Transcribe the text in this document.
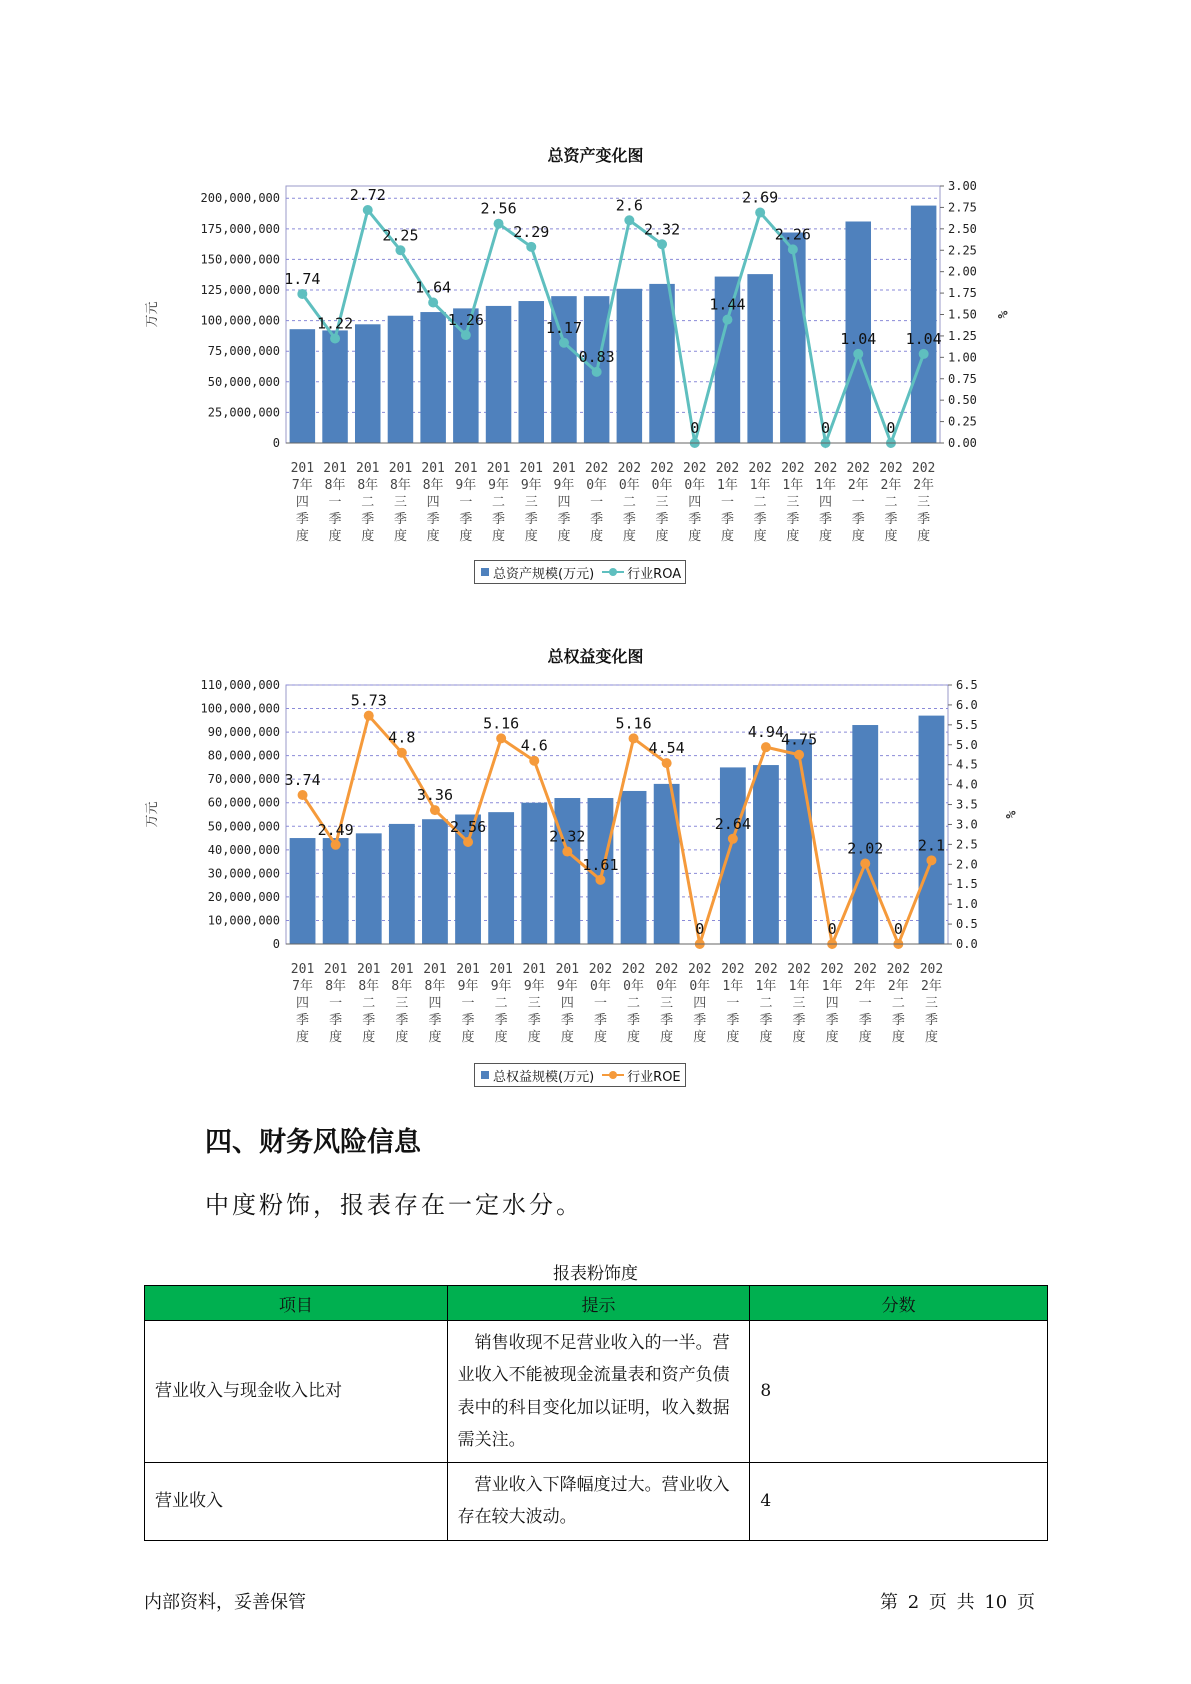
总资产变化图
200,000,000
175,000,000
150,000,000
125,000,000
100,000,000
75,000,000
50,000,000
25,000,000
0
3.00
2.75
2.50
2.25
2.00
1.75
1.50
1.25
1.00
0.75
0.50
0.25
0.00
万元	%
1.74
1.22
2.72
2.25
1.64
1.26
2.56
2.29
1.17
0.83
2.6
2.32
0
1.44
2.69
2.26
0
1.04
0
1.04
201
7年
四
季
度
201
8年
一
季
度
201
8年
二
季
度
201
8年
三
季
度
201
8年
四
季
度
201
9年
一
季
度
201
9年
二
季
度
201
9年
三
季
度
201
9年
四
季
度
202
0年
一
季
度
202
0年
二
季
度
202
0年
三
季
度
202
0年
四
季
度
202
1年
一
季
度
202
1年
二
季
度
202
1年
三
季
度
202
1年
四
季
度
202
2年
一
季
度
202
2年
二
季
度
202
2年
三
季
度
总资产规模(万元)	行业ROA
总权益变化图
110,000,000
100,000,000
90,000,000
80,000,000
70,000,000
60,000,000
50,000,000
40,000,000
30,000,000
20,000,000
10,000,000
0
6.5
6.0
5.5
5.0
4.5
4.0
3.5
3.0
2.5
2.0
1.5
1.0
0.5
0.0
万元	%
3.74
2.49
5.73
4.8
3.36
2.56
5.16
4.6
2.32
1.61
5.16
4.54
0
2.64
4.94
4.75
0
2.02
0
2.1
201
7年
四
季
度
201
8年
一
季
度
201
8年
二
季
度
201
8年
三
季
度
201
8年
四
季
度
201
9年
一
季
度
201
9年
二
季
度
201
9年
三
季
度
201
9年
四
季
度
202
0年
一
季
度
202
0年
二
季
度
202
0年
三
季
度
202
0年
四
季
度
202
1年
一
季
度
202
1年
二
季
度
202
1年
三
季
度
202
1年
四
季
度
202
2年
一
季
度
202
2年
二
季
度
202
2年
三
季
度
总权益规模(万元)	行业ROE
四、财务风险信息
中度粉饰，报表存在一定水分。
报表粉饰度
项目	提示	分数
营业收入与现金收入比对	销售收现不足营业收入的一半。营业收入不能被现金流量表和资产负债表中的科目变化加以证明，收入数据需关注。	8
营业收入	营业收入下降幅度过大。营业收入存在较大波动。	4
内部资料，妥善保管	第 2 页 共 10 页
